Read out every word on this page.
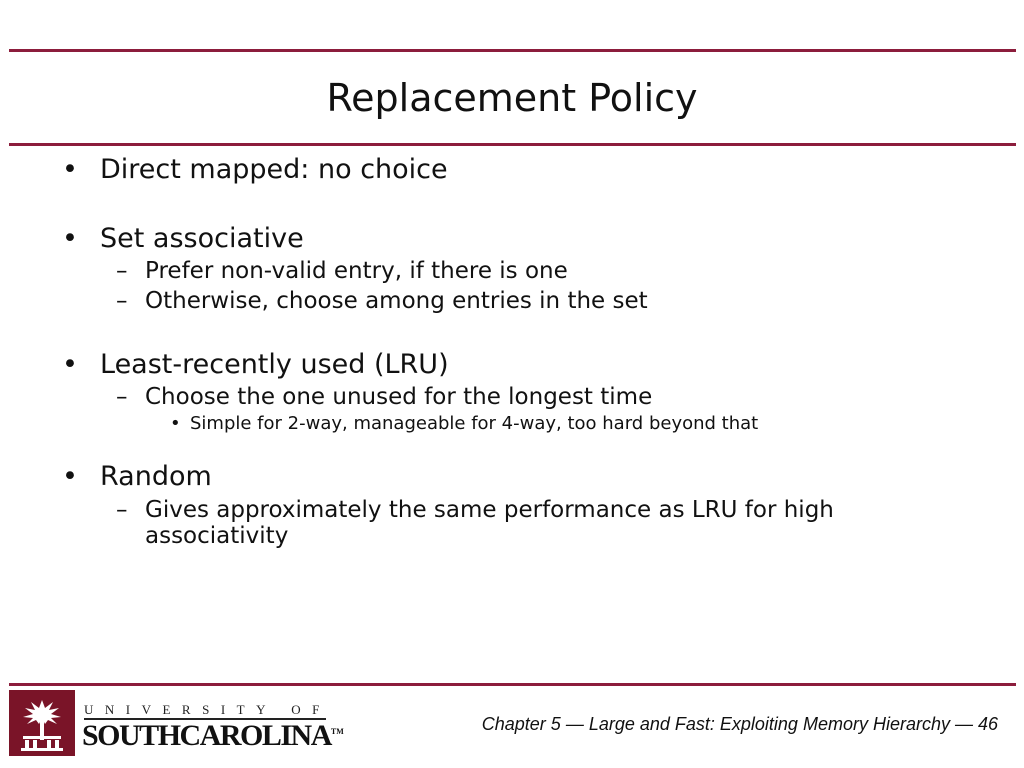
Replacement Policy
• Direct mapped: no choice
• Set associative
– Prefer non-valid entry, if there is one
– Otherwise, choose among entries in the set
• Least-recently used (LRU)
– Choose the one unused for the longest time
• Simple for 2-way, manageable for 4-way, too hard beyond that
• Random
– Gives approximately the same performance as LRU for high associativity
UNIVERSITY OF
SOUTHCAROLINA™	Chapter 5 — Large and Fast: Exploiting Memory Hierarchy — 46
